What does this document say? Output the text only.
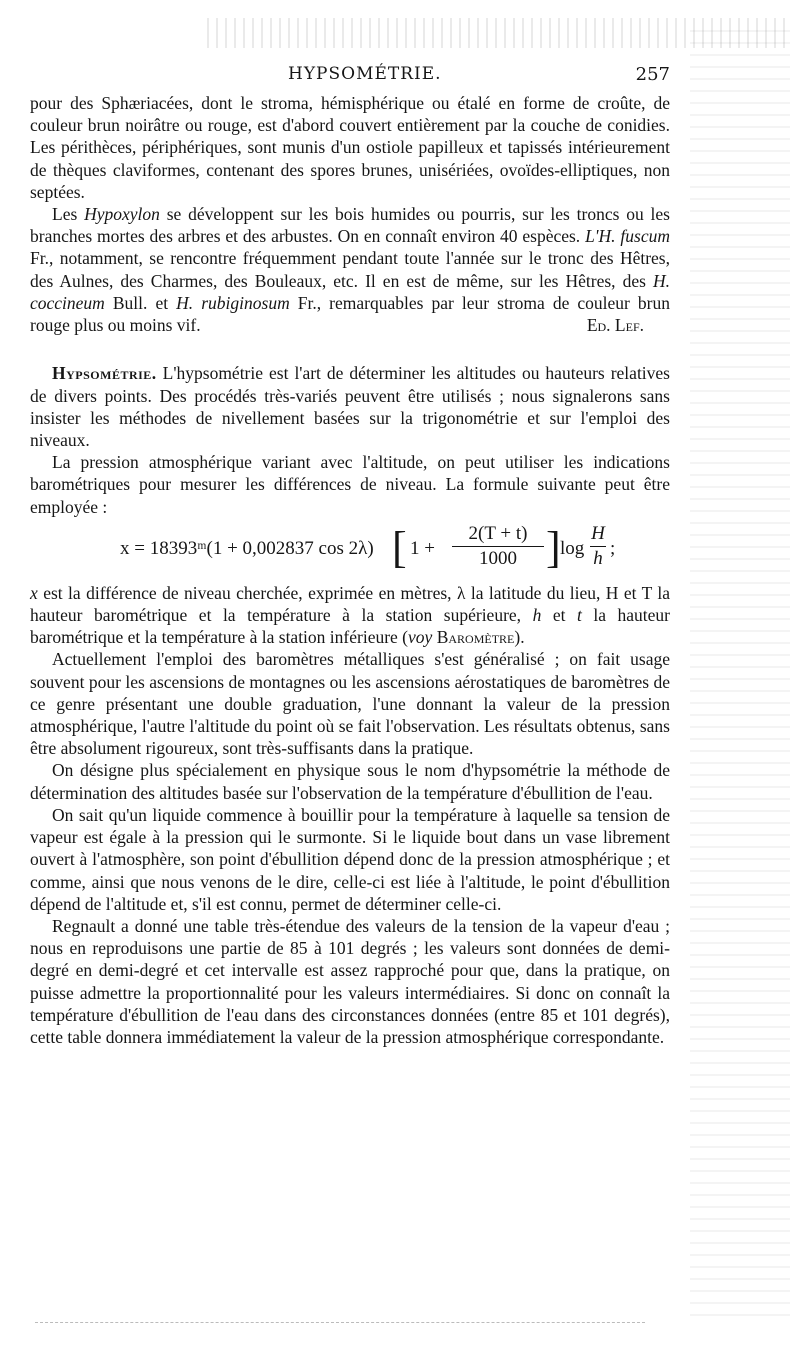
HYPSOMÉTRIE.	257

pour des Sphæriacées, dont le stroma, hémisphérique ou étalé en forme de croûte, de couleur brun noirâtre ou rouge, est d'abord couvert entièrement par la couche de conidies. Les périthèces, périphériques, sont munis d'un ostiole papilleux et tapissés intérieurement de thèques claviformes, contenant des spores brunes, unisériées, ovoïdes-elliptiques, non septées.

Les Hypoxylon se développent sur les bois humides ou pourris, sur les troncs ou les branches mortes des arbres et des arbustes. On en connaît environ 40 espèces. L'H. fuscum Fr., notamment, se rencontre fréquemment pendant toute l'année sur le tronc des Hêtres, des Aulnes, des Charmes, des Bouleaux, etc. Il en est de même, sur les Hêtres, des H. coccineum Bull. et H. rubiginosum Fr., remarquables par leur stroma de couleur brun rouge plus ou moins vif.	Ed. Lef.

Hypsométrie. L'hypsométrie est l'art de déterminer les altitudes ou hauteurs relatives de divers points. Des procédés très-variés peuvent être utilisés ; nous signalerons sans insister les méthodes de nivellement basées sur la trigonométrie et sur l'emploi des niveaux.

La pression atmosphérique variant avec l'altitude, on peut utiliser les indications barométriques pour mesurer les différences de niveau. La formule suivante peut être employée :

x = 18393ᵐ(1 + 0,002837 cos 2λ) [ $1 + \frac{2(T + t)}{1000}$ ] $\log \frac{H}{h}$ ;

x est la différence de niveau cherchée, exprimée en mètres, λ la latitude du lieu, H et T la hauteur barométrique et la température à la station supérieure, h et t la hauteur barométrique et la température à la station inférieure (voy Baromètre).

Actuellement l'emploi des baromètres métalliques s'est généralisé ; on fait usage souvent pour les ascensions de montagnes ou les ascensions aérostatiques de baromètres de ce genre présentant une double graduation, l'une donnant la valeur de la pression atmosphérique, l'autre l'altitude du point où se fait l'observation. Les résultats obtenus, sans être absolument rigoureux, sont très-suffisants dans la pratique.

On désigne plus spécialement en physique sous le nom d'hypsométrie la méthode de détermination des altitudes basée sur l'observation de la température d'ébullition de l'eau.

On sait qu'un liquide commence à bouillir pour la température à laquelle sa tension de vapeur est égale à la pression qui le surmonte. Si le liquide bout dans un vase librement ouvert à l'atmosphère, son point d'ébullition dépend donc de la pression atmosphérique ; et comme, ainsi que nous venons de le dire, celle-ci est liée à l'altitude, le point d'ébullition dépend de l'altitude et, s'il est connu, permet de déterminer celle-ci.

Regnault a donné une table très-étendue des valeurs de la tension de la vapeur d'eau ; nous en reproduisons une partie de 85 à 101 degrés ; les valeurs sont données de demi-degré en demi-degré et cet intervalle est assez rapproché pour que, dans la pratique, on puisse admettre la proportionnalité pour les valeurs intermédiaires. Si donc on connaît la température d'ébullition de l'eau dans des circonstances données (entre 85 et 101 degrés), cette table donnera immédiatement la valeur de la pression atmosphérique correspondante.
